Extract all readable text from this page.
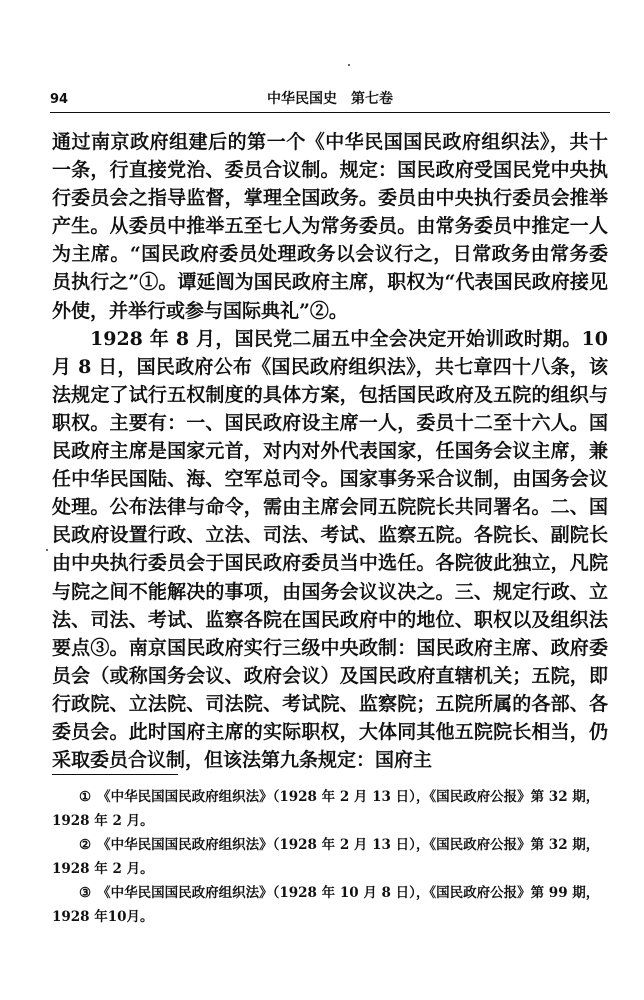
94	中华民国史　第七卷

通过南京政府组建后的第一个《中华民国国民政府组织法》，共十一条，行直接党治、委员合议制。规定：国民政府受国民党中央执行委员会之指导监督，掌理全国政务。委员由中央执行委员会推举产生。从委员中推举五至七人为常务委员。由常务委员中推定一人为主席。“国民政府委员处理政务以会议行之，日常政务由常务委员执行之”①。谭延闿为国民政府主席，职权为“代表国民政府接见外使，并举行或参与国际典礼”②。

1928 年 8 月，国民党二届五中全会决定开始训政时期。10 月 8 日，国民政府公布《国民政府组织法》，共七章四十八条，该法规定了试行五权制度的具体方案，包括国民政府及五院的组织与职权。主要有：一、国民政府设主席一人，委员十二至十六人。国民政府主席是国家元首，对内对外代表国家，任国务会议主席，兼任中华民国陆、海、空军总司令。国家事务采合议制，由国务会议处理。公布法律与命令，需由主席会同五院院长共同署名。二、国民政府设置行政、立法、司法、考试、监察五院。各院长、副院长由中央执行委员会于国民政府委员当中选任。各院彼此独立，凡院与院之间不能解决的事项，由国务会议议决之。三、规定行政、立法、司法、考试、监察各院在国民政府中的地位、职权以及组织法要点③。南京国民政府实行三级中央政制：国民政府主席、政府委员会（或称国务会议、政府会议）及国民政府直辖机关；五院，即行政院、立法院、司法院、考试院、监察院；五院所属的各部、各委员会。此时国府主席的实际职权，大体同其他五院院长相当，仍采取委员合议制，但该法第九条规定：国府主

① 《中华民国国民政府组织法》（1928 年 2 月 13 日），《国民政府公报》第 32 期，1928 年 2 月。

② 《中华民国国民政府组织法》（1928 年 2 月 13 日），《国民政府公报》第 32 期，1928 年 2 月。

③ 《中华民国国民政府组织法》（1928 年 10 月 8 日），《国民政府公报》第 99 期，1928 年10月。
